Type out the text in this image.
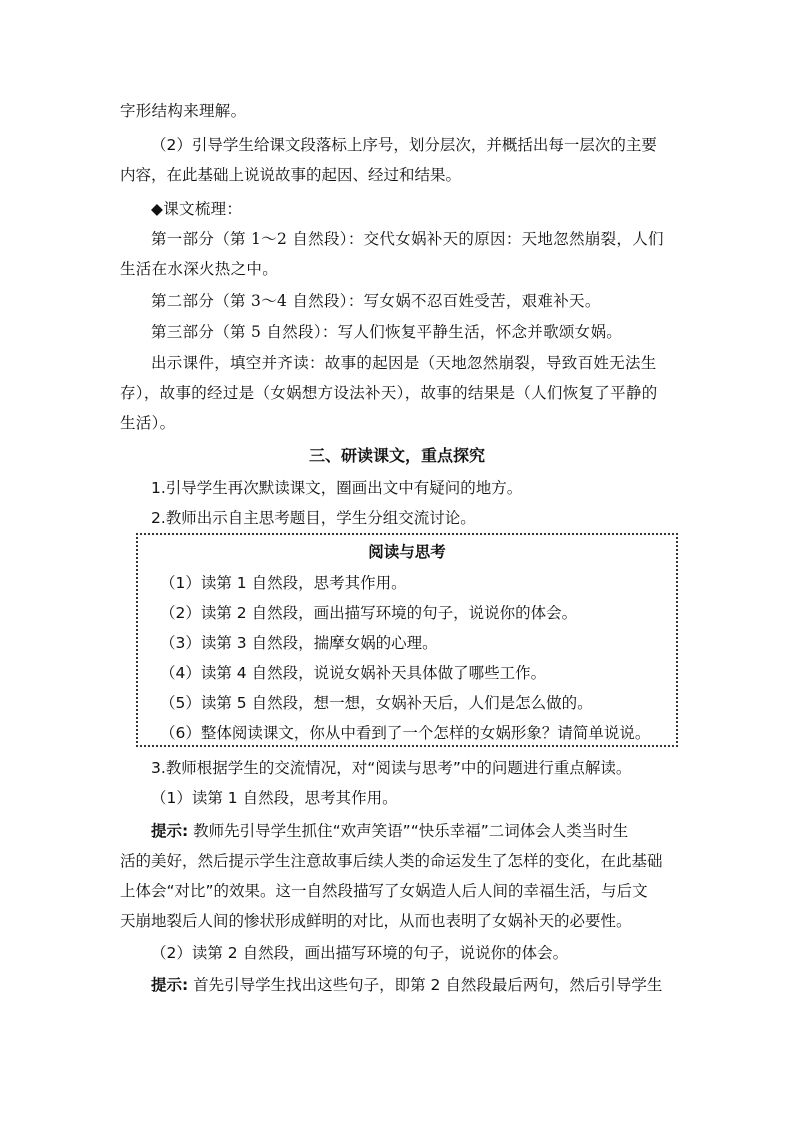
字形结构来理解。
（2）引导学生给课文段落标上序号，划分层次，并概括出每一层次的主要
内容，在此基础上说说故事的起因、经过和结果。
◆课文梳理：
第一部分（第 1～2 自然段）：交代女娲补天的原因：天地忽然崩裂，人们
生活在水深火热之中。
第二部分（第 3～4 自然段）：写女娲不忍百姓受苦，艰难补天。
第三部分（第 5 自然段）：写人们恢复平静生活，怀念并歌颂女娲。
出示课件，填空并齐读：故事的起因是（天地忽然崩裂，导致百姓无法生
存），故事的经过是（女娲想方设法补天），故事的结果是（人们恢复了平静的
生活）。
三、研读课文，重点探究
1.引导学生再次默读课文，圈画出文中有疑问的地方。
2.教师出示自主思考题目，学生分组交流讨论。
阅读与思考
（1）读第 1 自然段，思考其作用。
（2）读第 2 自然段，画出描写环境的句子，说说你的体会。
（3）读第 3 自然段，揣摩女娲的心理。
（4）读第 4 自然段，说说女娲补天具体做了哪些工作。
（5）读第 5 自然段，想一想，女娲补天后，人们是怎么做的。
（6）整体阅读课文，你从中看到了一个怎样的女娲形象？请简单说说。
3.教师根据学生的交流情况，对“阅读与思考”中的问题进行重点解读。
（1）读第 1 自然段，思考其作用。
提示: 教师先引导学生抓住“欢声笑语”“快乐幸福”二词体会人类当时生
活的美好，然后提示学生注意故事后续人类的命运发生了怎样的变化，在此基础
上体会“对比”的效果。这一自然段描写了女娲造人后人间的幸福生活，与后文
天崩地裂后人间的惨状形成鲜明的对比，从而也表明了女娲补天的必要性。
（2）读第 2 自然段，画出描写环境的句子，说说你的体会。
提示: 首先引导学生找出这些句子，即第 2 自然段最后两句，然后引导学生
